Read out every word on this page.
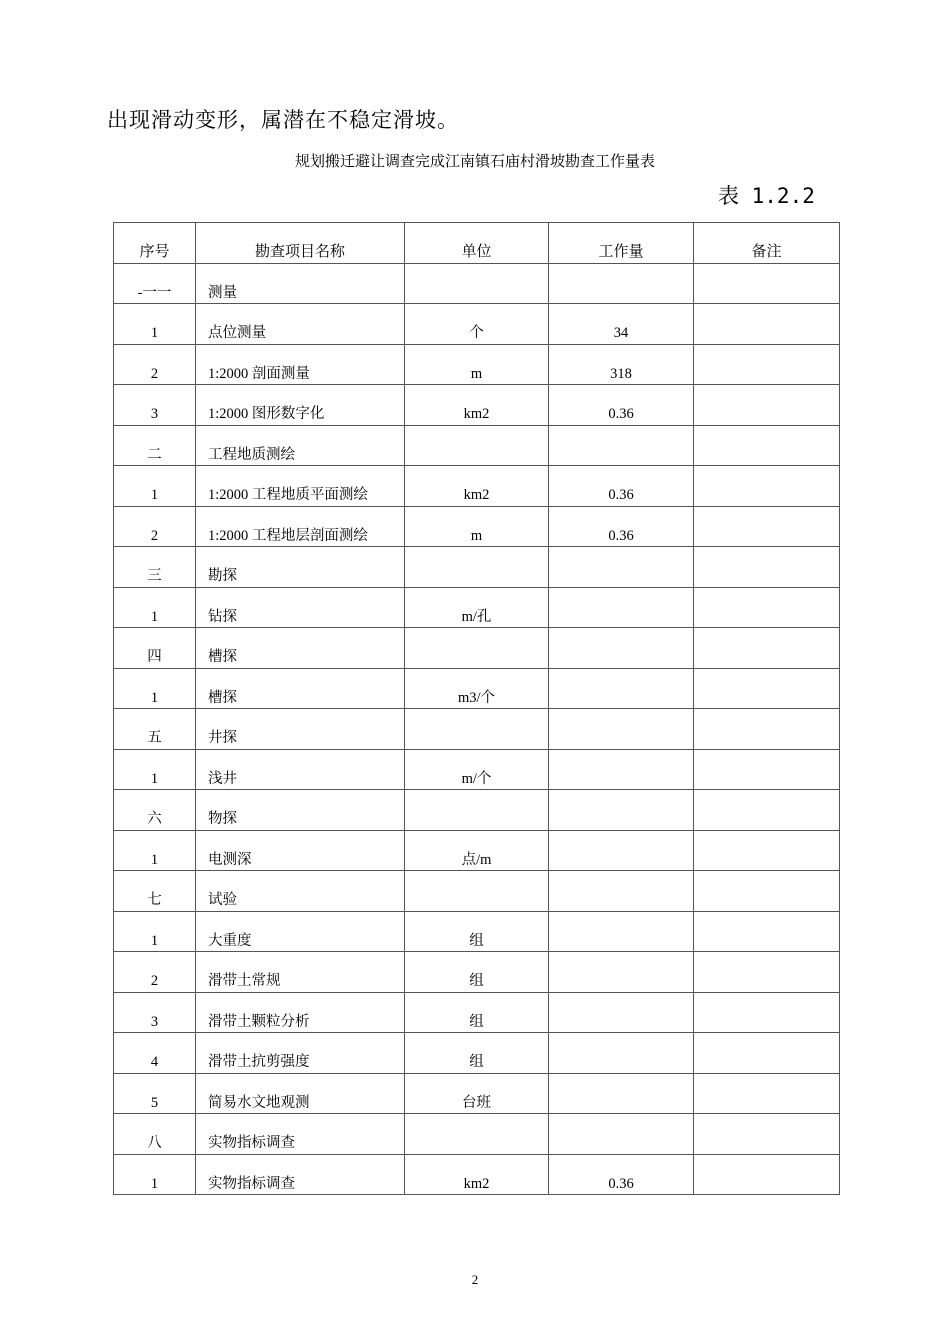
出现滑动变形，属潜在不稳定滑坡。
规划搬迁避让调查完成江南镇石庙村滑坡勘查工作量表
表 1.2.2
序号	勘查项目名称	单位	工作量	备注
-一一	测量			
1	点位测量	个	34	
2	1:2000 剖面测量	m	318	
3	1:2000 图形数字化	km2	0.36	
二	工程地质测绘			
1	1:2000 工程地质平面测绘	km2	0.36	
2	1:2000 工程地层剖面测绘	m	0.36	
三	勘探			
1	钻探	m/孔		
四	槽探			
1	槽探	m3/个		
五	井探			
1	浅井	m/个		
六	物探			
1	电测深	点/m		
七	试验			
1	大重度	组		
2	滑带土常规	组		
3	滑带土颗粒分析	组		
4	滑带土抗剪强度	组		
5	简易水文地观测	台班		
八	实物指标调查			
1	实物指标调查	km2	0.36	
2
